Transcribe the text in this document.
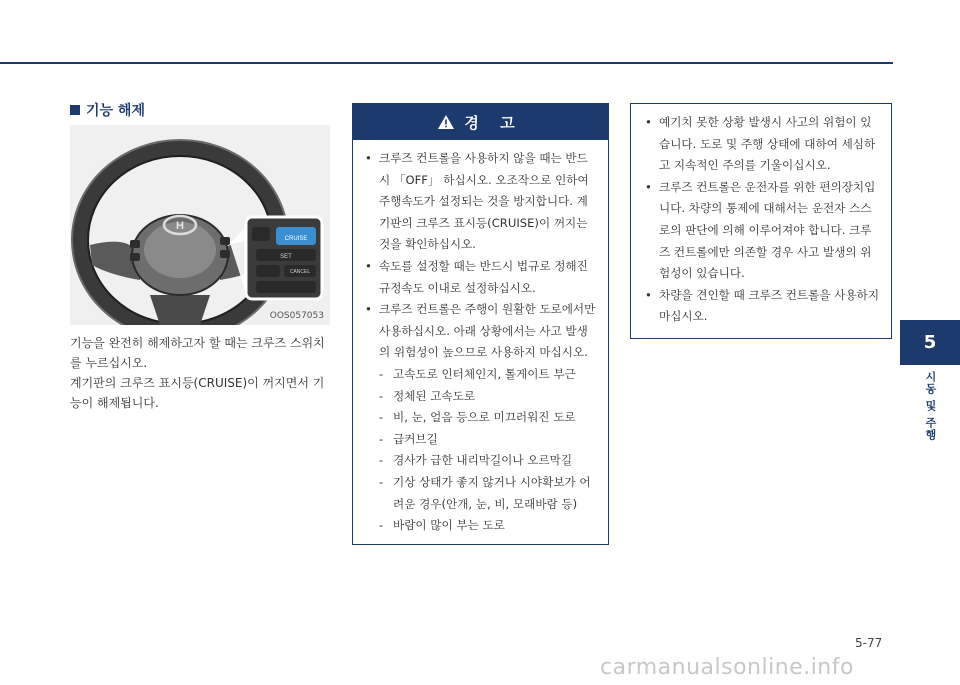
기능 해제
H
CRUISE
SET
CANCEL
OOS057053

기능을 완전히 해제하고자 할 때는 크루즈 스위치를 누르십시오.

계기판의 크루즈 표시등(CRUISE)이 꺼지면서 기능이 해제됩니다.

경 고
• 크루즈 컨트롤을 사용하지 않을 때는 반드시 「OFF」 하십시오. 오조작으로 인하여 주행속도가 설정되는 것을 방지합니다. 계기판의 크루즈 표시등(CRUISE)이 꺼지는 것을 확인하십시오.
• 속도를 설정할 때는 반드시 법규로 정해진 규정속도 이내로 설정하십시오.
• 크루즈 컨트롤은 주행이 원활한 도로에서만 사용하십시오. 아래 상황에서는 사고 발생의 위험성이 높으므로 사용하지 마십시오.
- 고속도로 인터체인지, 톨게이트 부근
- 정체된 고속도로
- 비, 눈, 얼음 등으로 미끄러워진 도로
- 급커브길
- 경사가 급한 내리막길이나 오르막길
- 기상 상태가 좋지 않거나 시야확보가 어려운 경우(안개, 눈, 비, 모래바람 등)
- 바람이 많이 부는 도로
• 예기치 못한 상황 발생시 사고의 위험이 있습니다. 도로 및 주행 상태에 대하여 세심하고 지속적인 주의를 기울이십시오.
• 크루즈 컨트롤은 운전자를 위한 편의장치입니다. 차량의 통제에 대해서는 운전자 스스로의 판단에 의해 이루어져야 합니다. 크루즈 컨트롤에만 의존할 경우 사고 발생의 위험성이 있습니다.
• 차량을 견인할 때 크루즈 컨트롤을 사용하지 마십시오.
5
시동 및 주행
5-77
carmanualsonline.info
